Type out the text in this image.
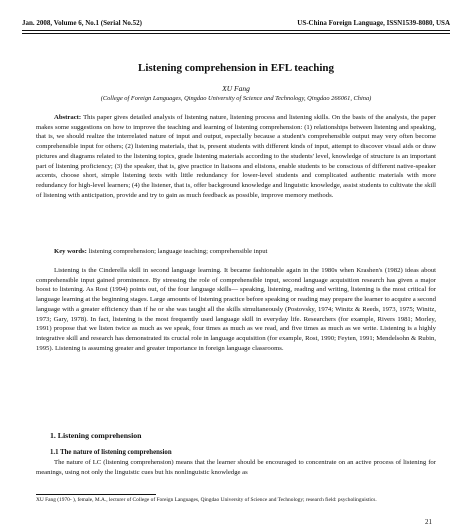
Jan. 2008, Volume 6, No.1 (Serial No.52)	US-China Foreign Language, ISSN1539-8080, USA
Listening comprehension in EFL teaching
XU Fang
(College of Foreign Languages, Qingdao University of Science and Technology, Qingdao 266061, China)

Abstract: This paper gives detailed analysis of listening nature, listening process and listening skills. On the basis of the analysis, the paper makes some suggestions on how to improve the teaching and learning of listening comprehension: (1) relationships between listening and speaking, that is, we should realize the interrelated nature of input and output, especially because a student's comprehensible output may very often become comprehensible input for others; (2) listening materials, that is, present students with different kinds of input, attempt to discover visual aids or draw pictures and diagrams related to the listening topics, grade listening materials according to the students' level, knowledge of structure is an important part of listening proficiency; (3) the speaker, that is, give practice in liaisons and elisions, enable students to be conscious of different native-speaker accents, choose short, simple listening texts with little redundancy for lower-level students and complicated authentic materials with more redundancy for high-level learners; (4) the listener, that is, offer background knowledge and linguistic knowledge, assist students to cultivate the skill of listening with anticipation, provide and try to gain as much feedback as possible, improve memory methods.

Key words: listening comprehension; language teaching; comprehensible input

Listening is the Cinderella skill in second language learning. It became fashionable again in the 1980s when Krashen's (1982) ideas about comprehensible input gained prominence. By stressing the role of comprehensible input, second language acquisition research has given a major boost to listening. As Rost (1994) points out, of the four language skills— speaking, listening, reading and writing, listening is the most critical for language learning at the beginning stages. Large amounts of listening practice before speaking or reading may prepare the learner to acquire a second language with a greater efficiency than if he or she was taught all the skills simultaneously (Postovsky, 1974; Winitz & Reeds, 1973, 1975; Winitz, 1973; Gary, 1978). In fact, listening is the most frequently used language skill in everyday life. Researchers (for example, Rivers 1981; Morley, 1991) propose that we listen twice as much as we speak, four times as much as we read, and five times as much as we write. Listening is a highly integrative skill and research has demonstrated its crucial role in language acquisition (for example, Rost, 1990; Feyten, 1991; Mendelsohn & Rubin, 1995). Listening is assuming greater and greater importance in foreign language classrooms.

1. Listening comprehension
1.1 The nature of listening comprehension

The nature of LC (listening comprehension) means that the learner should be encouraged to concentrate on an active process of listening for meanings, using not only the linguistic cues but his nonlinguistic knowledge as

XU Fang (1970- ), female, M.A., lecturer of College of Foreign Languages, Qingdao University of Science and Technology; research field: psycholinguistics.
21
